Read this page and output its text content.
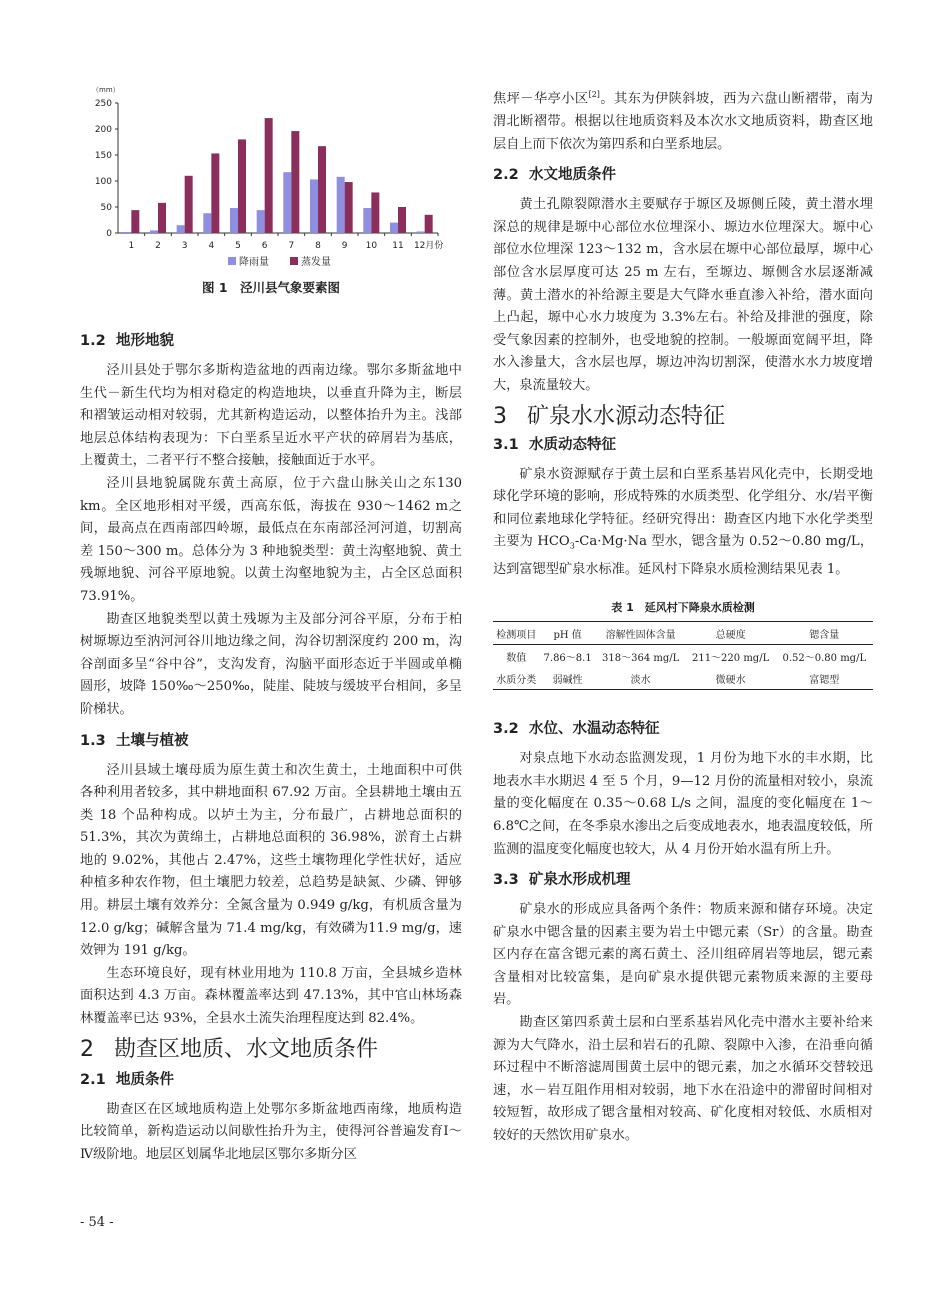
（mm）
0
50
100
150
200
250
1 2 3 4 5 6 7 8 9 10 11 12月份
降雨量	蒸发量
图 1　泾川县气象要素图
1.2 地形地貌

泾川县处于鄂尔多斯构造盆地的西南边缘。鄂尔多斯盆地中生代－新生代均为相对稳定的构造地块，以垂直升降为主，断层和褶皱运动相对较弱，尤其新构造运动，以整体抬升为主。浅部地层总体结构表现为：下白垩系呈近水平产状的碎屑岩为基底，上覆黄土，二者平行不整合接触，接触面近于水平。

泾川县地貌属陇东黄土高原，位于六盘山脉关山之东130 km。全区地形相对平缓，西高东低，海拔在 930～1462 m之间，最高点在西南部四岭塬，最低点在东南部泾河河道，切割高差 150～300 m。总体分为 3 种地貌类型：黄土沟壑地貌、黄土残塬地貌、河谷平原地貌。以黄土沟壑地貌为主，占全区总面积 73.91%。

勘查区地貌类型以黄土残塬为主及部分河谷平原，分布于柏树塬塬边至汭河河谷川地边缘之间，沟谷切割深度约 200 m，沟谷剖面多呈“谷中谷”，支沟发育，沟脑平面形态近于半圆或单椭圆形，坡降 150‰～250‰，陡崖、陡坡与缓坡平台相间，多呈阶梯状。

1.3 土壤与植被

泾川县域土壤母质为原生黄土和次生黄土，土地面积中可供各种利用者较多，其中耕地面积 67.92 万亩。全县耕地土壤由五类 18 个品种构成。以垆土为主，分布最广，占耕地总面积的 51.3%，其次为黄绵土，占耕地总面积的 36.98%，淤育土占耕地的 9.02%，其他占 2.47%，这些土壤物理化学性状好，适应种植多种农作物，但土壤肥力较差，总趋势是缺氮、少磷、钾够用。耕层土壤有效养分：全氮含量为 0.949 g/kg，有机质含量为 12.0 g/kg；碱解含量为 71.4 mg/kg，有效磷为11.9 mg/g，速效钾为 191 g/kg。

生态环境良好，现有林业用地为 110.8 万亩，全县城乡造林面积达到 4.3 万亩。森林覆盖率达到 47.13%，其中官山林场森林覆盖率已达 93%，全县水土流失治理程度达到 82.4%。

2 勘查区地质、水文地质条件
2.1 地质条件

勘查区在区域地质构造上处鄂尔多斯盆地西南缘，地质构造比较简单，新构造运动以间歇性抬升为主，使得河谷普遍发育Ⅰ～Ⅳ级阶地。地层区划属华北地层区鄂尔多斯分区

焦坪－华亭小区[2]。其东为伊陕斜坡，西为六盘山断褶带，南为渭北断褶带。根据以往地质资料及本次水文地质资料，勘查区地层自上而下依次为第四系和白垩系地层。

2.2 水文地质条件

黄土孔隙裂隙潜水主要赋存于塬区及塬侧丘陵，黄土潜水埋深总的规律是塬中心部位水位埋深小、塬边水位埋深大。塬中心部位水位埋深 123～132 m，含水层在塬中心部位最厚，塬中心部位含水层厚度可达 25 m 左右，至塬边、塬侧含水层逐渐减薄。黄土潜水的补给源主要是大气降水垂直渗入补给，潜水面向上凸起，塬中心水力坡度为 3.3%左右。补给及排泄的强度，除受气象因素的控制外，也受地貌的控制。一般塬面宽阔平坦，降水入渗量大，含水层也厚，塬边冲沟切割深，使潜水水力坡度增大，泉流量较大。

3 矿泉水水源动态特征
3.1 水质动态特征

矿泉水资源赋存于黄土层和白垩系基岩风化壳中，长期受地球化学环境的影响，形成特殊的水质类型、化学组分、水/岩平衡和同位素地球化学特征。经研究得出：勘查区内地下水化学类型主要为 $HCO_3-Ca\cdot Mg\cdot Na$ 型水，锶含量为 0.52～0.80 mg/L，达到富锶型矿泉水标准。延风村下降泉水质检测结果见表 1。

表 1　延风村下降泉水质检测
检测项目	pH 值	溶解性固体含量	总硬度	锶含量
数值	7.86～8.1	318～364 mg/L	211～220 mg/L	0.52～0.80 mg/L
水质分类	弱碱性	淡水	微硬水	富锶型
3.2 水位、水温动态特征

对泉点地下水动态监测发现，1 月份为地下水的丰水期，比地表水丰水期迟 4 至 5 个月，9—12 月份的流量相对较小，泉流量的变化幅度在 0.35～0.68 L/s 之间，温度的变化幅度在 1～6.8℃之间，在冬季泉水渗出之后变成地表水，地表温度较低，所监测的温度变化幅度也较大，从 4 月份开始水温有所上升。

3.3 矿泉水形成机理

矿泉水的形成应具备两个条件：物质来源和储存环境。决定矿泉水中锶含量的因素主要为岩土中锶元素（Sr）的含量。勘查区内存在富含锶元素的离石黄土、泾川组碎屑岩等地层，锶元素含量相对比较富集，是向矿泉水提供锶元素物质来源的主要母岩。

勘查区第四系黄土层和白垩系基岩风化壳中潜水主要补给来源为大气降水，沿土层和岩石的孔隙、裂隙中入渗，在沿垂向循环过程中不断溶滤周围黄土层中的锶元素，加之水循环交替较迅速，水－岩互阻作用相对较弱，地下水在沿途中的滞留时间相对较短暂，故形成了锶含量相对较高、矿化度相对较低、水质相对较好的天然饮用矿泉水。

- 54 -
